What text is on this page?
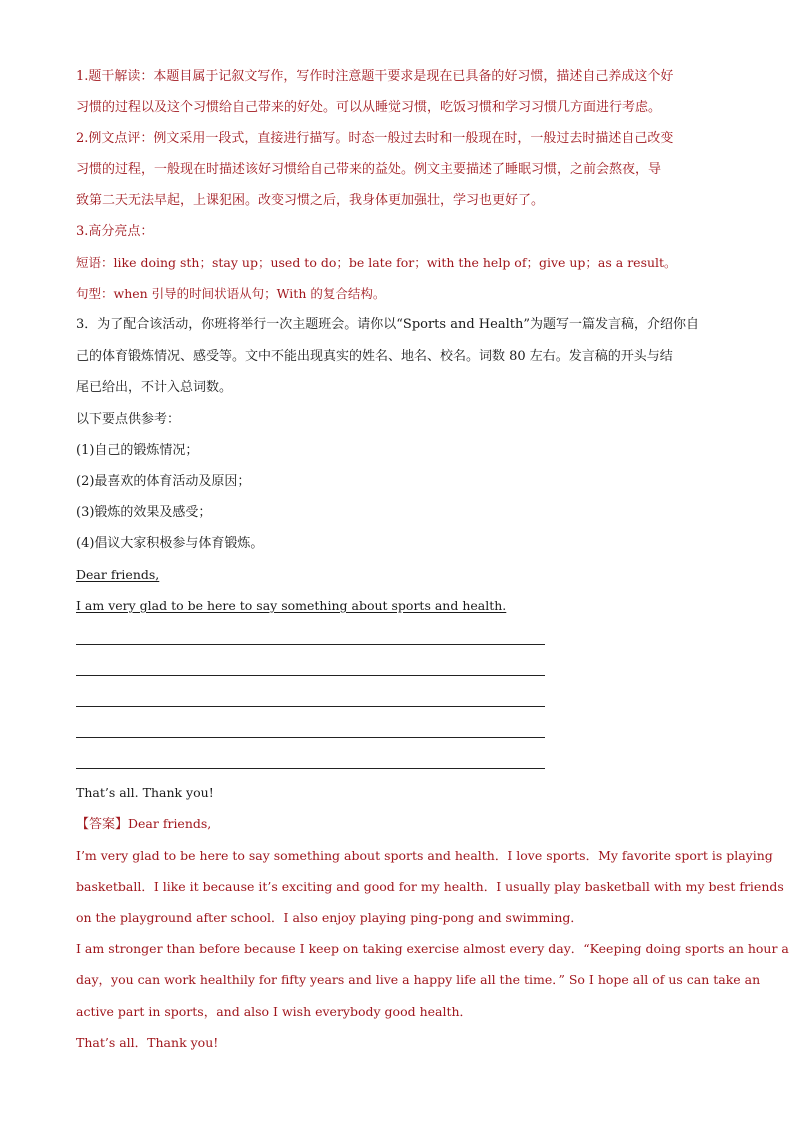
1.题干解读：本题目属于记叙文写作，写作时注意题干要求是现在已具备的好习惯，描述自己养成这个好
习惯的过程以及这个习惯给自己带来的好处。可以从睡觉习惯，吃饭习惯和学习习惯几方面进行考虑。
2.例文点评：例文采用一段式，直接进行描写。时态一般过去时和一般现在时，一般过去时描述自己改变
习惯的过程，一般现在时描述该好习惯给自己带来的益处。例文主要描述了睡眠习惯，之前会熬夜，导
致第二天无法早起，上课犯困。改变习惯之后，我身体更加强壮，学习也更好了。
3.高分亮点：
短语：like doing sth；stay up；used to do；be late for；with the help of；give up；as a result。
句型：when 引导的时间状语从句；With 的复合结构。
3．为了配合该活动，你班将举行一次主题班会。请你以“Sports and Health”为题写一篇发言稿，介绍你自
己的体育锻炼情况、感受等。文中不能出现真实的姓名、地名、校名。词数 80 左右。发言稿的开头与结
尾已给出，不计入总词数。
以下要点供参考：
(1)自己的锻炼情况；
(2)最喜欢的体育活动及原因；
(3)锻炼的效果及感受；
(4)倡议大家积极参与体育锻炼。
Dear friends,
I am very glad to be here to say something about sports and health.
That’s all. Thank you!
【答案】Dear friends,
I’m very glad to be here to say something about sports and health．I love sports．My favorite sport is playing
basketball．I like it because it’s exciting and good for my health．I usually play basketball with my best friends
on the playground after school．I also enjoy playing ping-pong and swimming．
I am stronger than before because I keep on taking exercise almost every day．“Keeping doing sports an hour a
day，you can work healthily for fifty years and live a happy life all the time．” So I hope all of us can take an
active part in sports，and also I wish everybody good health．
That’s all．Thank you!
